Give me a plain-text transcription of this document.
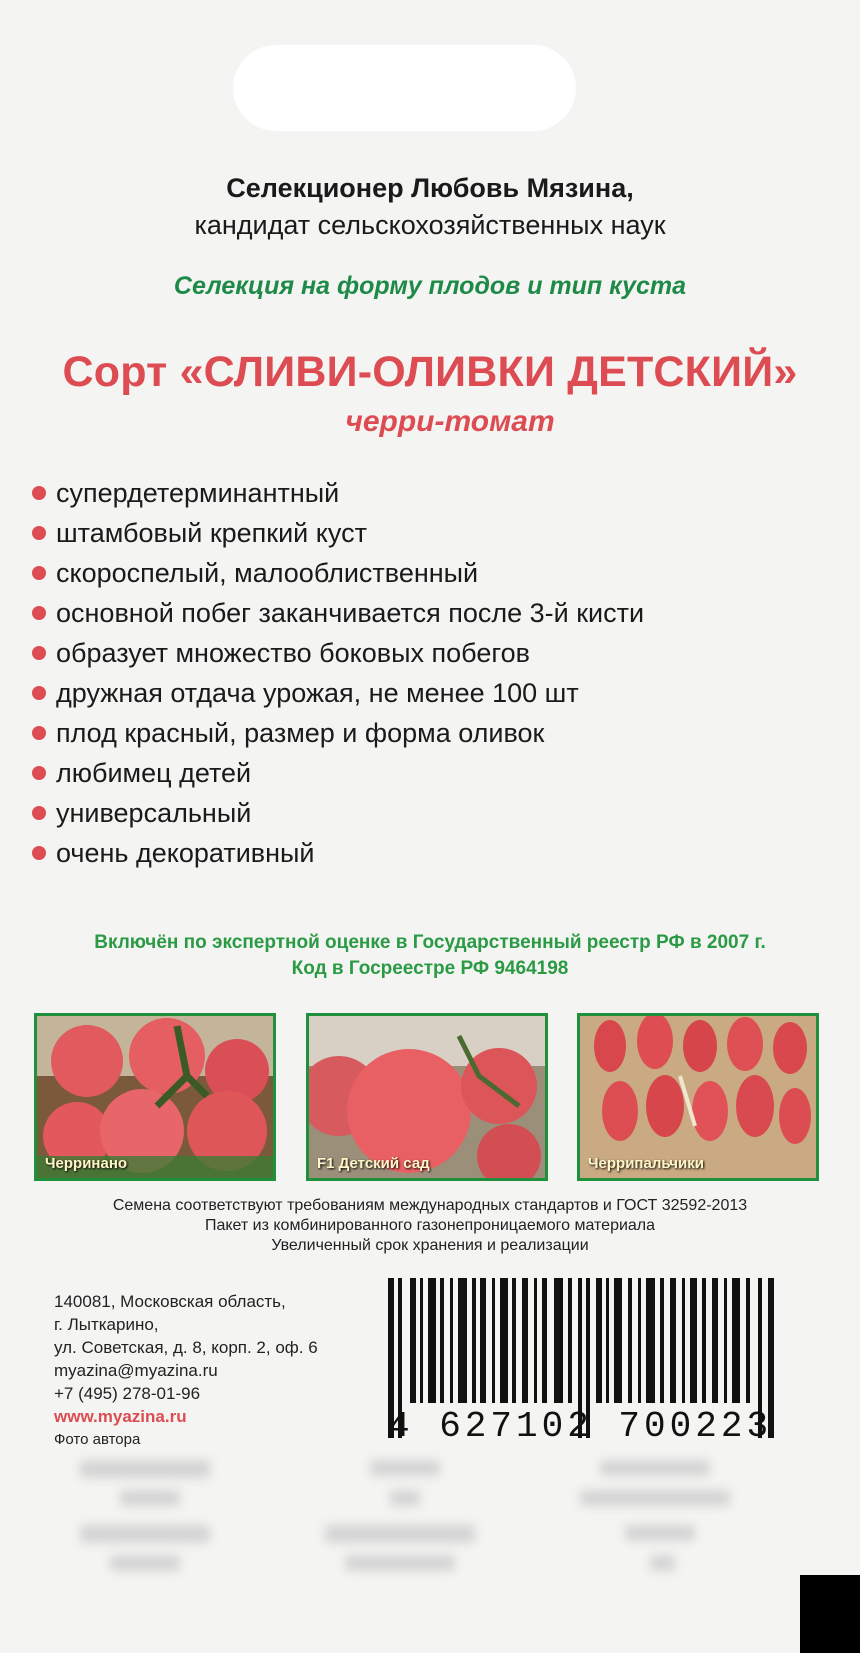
Селекционер Любовь Мязина,
кандидат сельскохозяйственных наук
Селекция на форму плодов и тип куста
Сорт «СЛИВИ-ОЛИВКИ ДЕТСКИЙ»
черри-томат
супердетерминантный
штамбовый крепкий куст
скороспелый, малооблиственный
основной побег заканчивается после 3-й кисти
образует множество боковых побегов
дружная отдача урожая, не менее 100 шт
плод красный, размер и форма оливок
любимец детей
универсальный
очень декоративный
Включён по экспертной оценке в Государственный реестр РФ в 2007 г.
Код в Госреестре РФ 9464198
Черринано	F1 Детский сад	Черрипальчики
Семена соответствуют требованиям международных стандартов и ГОСТ 32592-2013
Пакет из комбинированного газонепроницаемого материала
Увеличенный срок хранения и реализации
140081, Московская область,
г. Лыткарино,
ул. Советская, д. 8, корп. 2, оф. 6
myazina@myazina.ru
+7 (495) 278-01-96
www.myazina.ru
Фото автора	4 627102 700223
